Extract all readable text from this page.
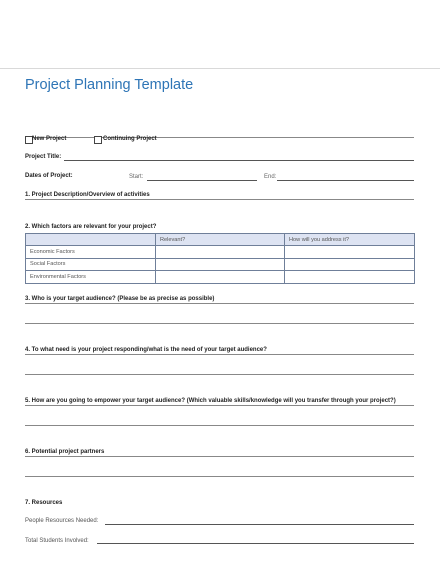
Project Planning Template
New Project	Continuing Project
Project Title:
Dates of Project:	Start:	End:
1. Project Description/Overview of activities
2. Which factors are relevant for your project?
	Relevant?	How will you address it?
Economic Factors		
Social Factors		
Environmental Factors		
3. Who is your target audience? (Please be as precise as possible)
4. To what need is your project responding/what is the need of your target audience?
5. How are you going to empower your target audience? (Which valuable skills/knowledge will you transfer through your project?)
6. Potential project partners
7. Resources
People Resources Needed:
Total Students Involved:
